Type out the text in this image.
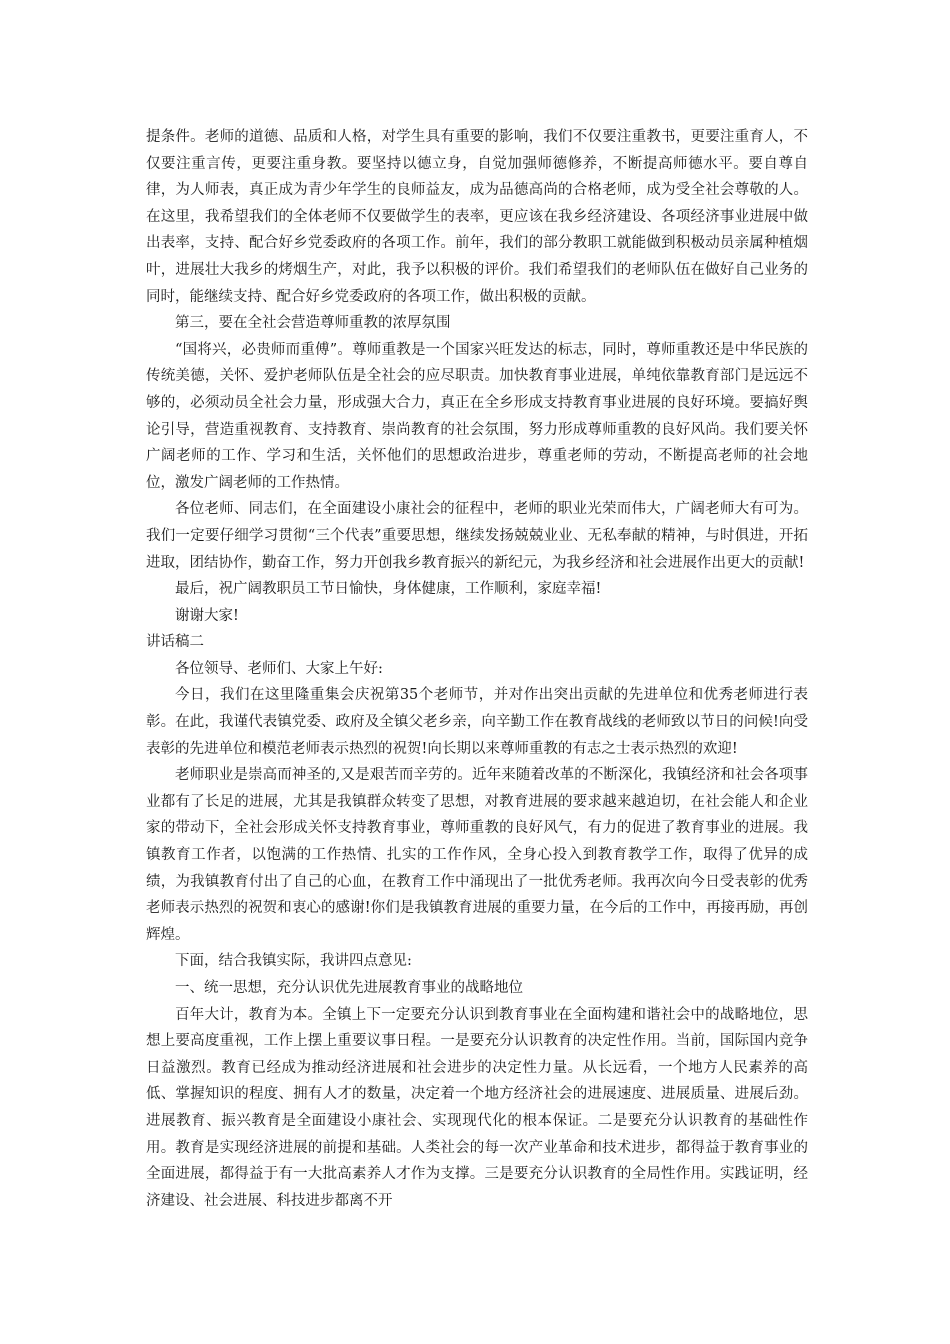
提条件。老师的道德、品质和人格，对学生具有重要的影响，我们不仅要注重教书，更要注重育人，不仅要注重言传，更要注重身教。要坚持以德立身，自觉加强师德修养，不断提高师德水平。要自尊自律，为人师表，真正成为青少年学生的良师益友，成为品德高尚的合格老师，成为受全社会尊敬的人。在这里，我希望我们的全体老师不仅要做学生的表率，更应该在我乡经济建设、各项经济事业进展中做出表率，支持、配合好乡党委政府的各项工作。前年，我们的部分教职工就能做到积极动员亲属种植烟叶，进展壮大我乡的烤烟生产，对此，我予以积极的评价。我们希望我们的老师队伍在做好自己业务的同时，能继续支持、配合好乡党委政府的各项工作，做出积极的贡献。

第三，要在全社会营造尊师重教的浓厚氛围

“国将兴，必贵师而重傅”。尊师重教是一个国家兴旺发达的标志，同时，尊师重教还是中华民族的传统美德，关怀、爱护老师队伍是全社会的应尽职责。加快教育事业进展，单纯依靠教育部门是远远不够的，必须动员全社会力量，形成强大合力，真正在全乡形成支持教育事业进展的良好环境。要搞好舆论引导，营造重视教育、支持教育、崇尚教育的社会氛围，努力形成尊师重教的良好风尚。我们要关怀广阔老师的工作、学习和生活，关怀他们的思想政治进步，尊重老师的劳动，不断提高老师的社会地位，激发广阔老师的工作热情。

各位老师、同志们，在全面建设小康社会的征程中，老师的职业光荣而伟大，广阔老师大有可为。我们一定要仔细学习贯彻“三个代表”重要思想，继续发扬兢兢业业、无私奉献的精神，与时俱进，开拓进取，团结协作，勤奋工作，努力开创我乡教育振兴的新纪元，为我乡经济和社会进展作出更大的贡献!

最后，祝广阔教职员工节日愉快，身体健康，工作顺利，家庭幸福!

谢谢大家!

讲话稿二

各位领导、老师们、大家上午好:

今日，我们在这里隆重集会庆祝第35个老师节，并对作出突出贡献的先进单位和优秀老师进行表彰。在此，我谨代表镇党委、政府及全镇父老乡亲，向辛勤工作在教育战线的老师致以节日的问候!向受表彰的先进单位和模范老师表示热烈的祝贺!向长期以来尊师重教的有志之士表示热烈的欢迎!

老师职业是崇高而神圣的,又是艰苦而辛劳的。近年来随着改革的不断深化，我镇经济和社会各项事业都有了长足的进展，尤其是我镇群众转变了思想，对教育进展的要求越来越迫切，在社会能人和企业家的带动下，全社会形成关怀支持教育事业，尊师重教的良好风气，有力的促进了教育事业的进展。我镇教育工作者，以饱满的工作热情、扎实的工作作风，全身心投入到教育教学工作，取得了优异的成绩，为我镇教育付出了自己的心血，在教育工作中涌现出了一批优秀老师。我再次向今日受表彰的优秀老师表示热烈的祝贺和衷心的感谢!你们是我镇教育进展的重要力量，在今后的工作中，再接再励，再创辉煌。

下面，结合我镇实际，我讲四点意见:

一、统一思想，充分认识优先进展教育事业的战略地位

百年大计，教育为本。全镇上下一定要充分认识到教育事业在全面构建和谐社会中的战略地位，思想上要高度重视，工作上摆上重要议事日程。一是要充分认识教育的决定性作用。当前，国际国内竞争日益激烈。教育已经成为推动经济进展和社会进步的决定性力量。从长远看，一个地方人民素养的高低、掌握知识的程度、拥有人才的数量，决定着一个地方经济社会的进展速度、进展质量、进展后劲。进展教育、振兴教育是全面建设小康社会、实现现代化的根本保证。二是要充分认识教育的基础性作用。教育是实现经济进展的前提和基础。人类社会的每一次产业革命和技术进步，都得益于教育事业的全面进展，都得益于有一大批高素养人才作为支撑。三是要充分认识教育的全局性作用。实践证明，经济建设、社会进展、科技进步都离不开
